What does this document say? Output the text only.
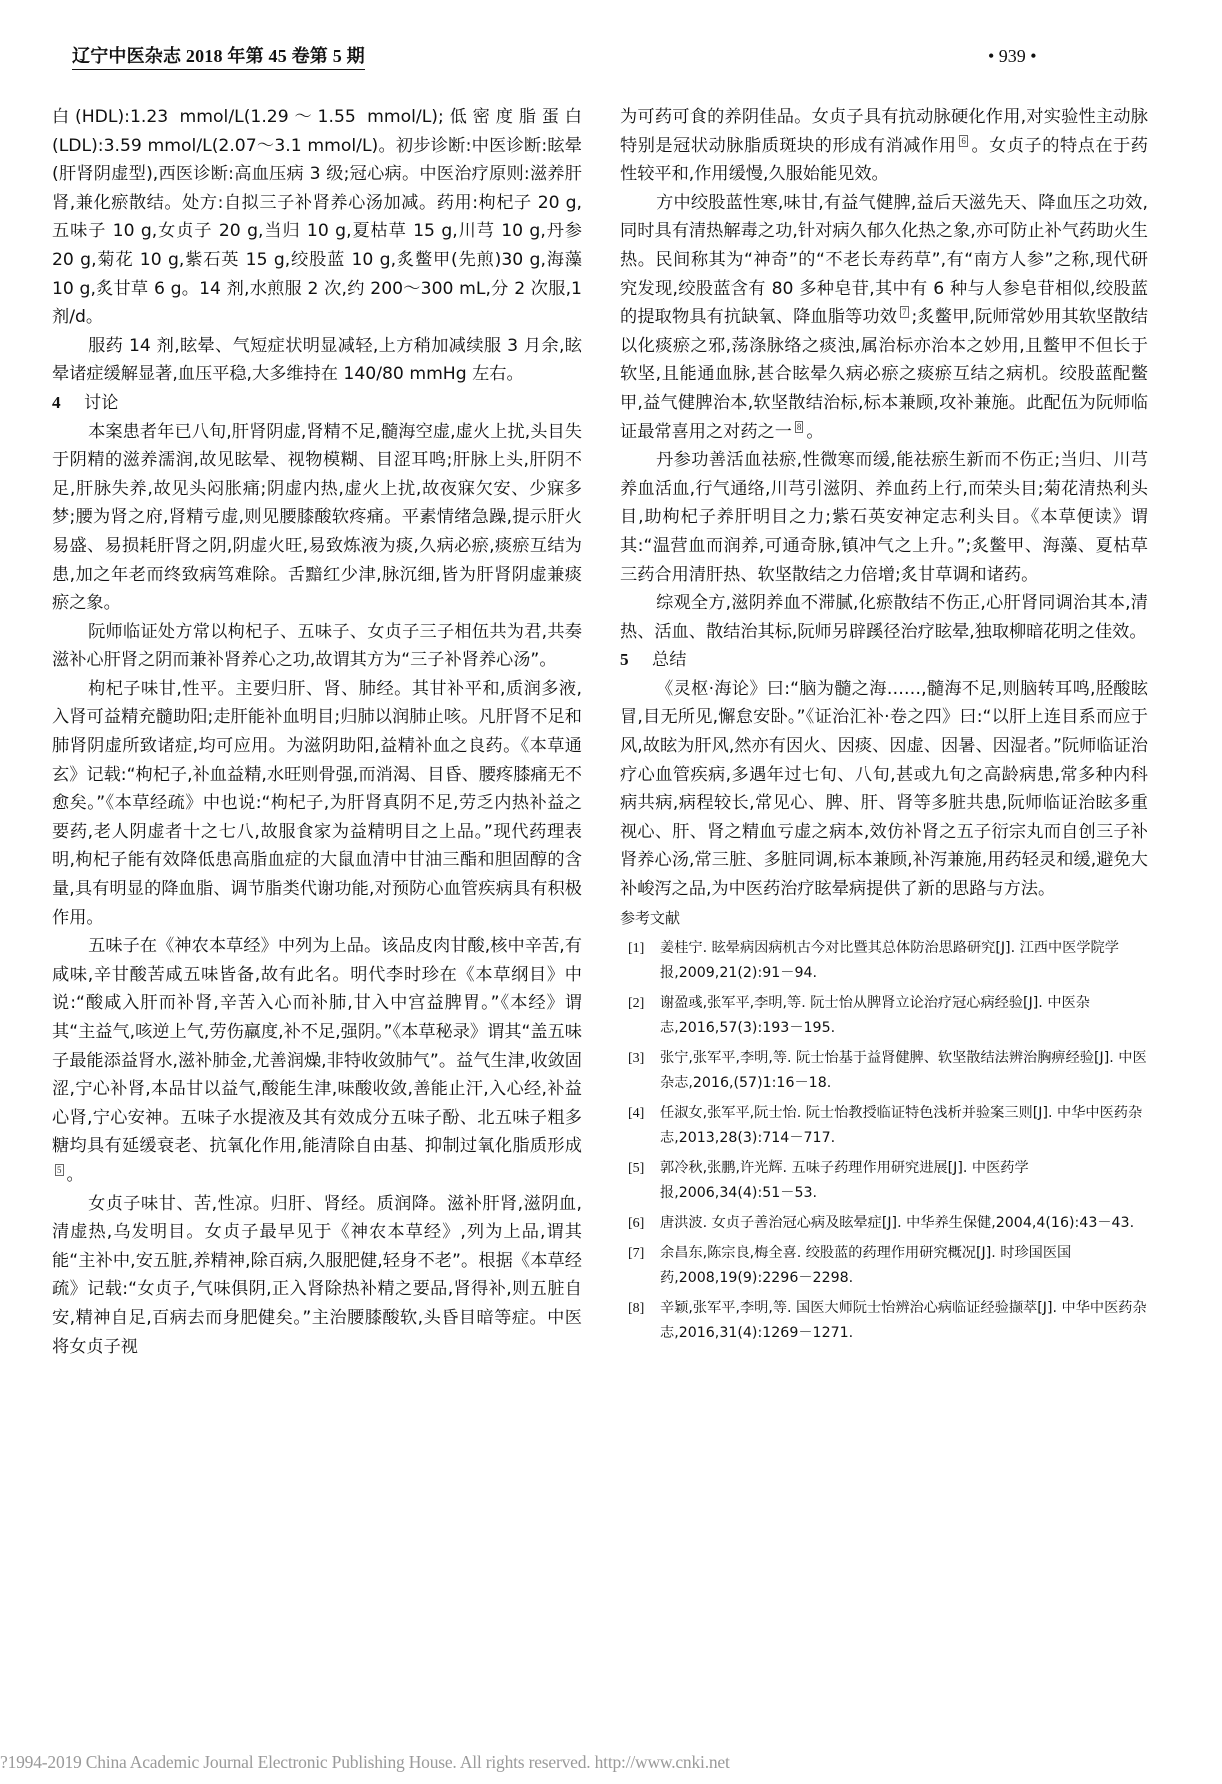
辽宁中医杂志 2018 年第 45 卷第 5 期	• 939 •

白(HDL):1.23 mmol/L(1.29～1.55 mmol/L);低密度脂蛋白(LDL):3.59 mmol/L(2.07～3.1 mmol/L)。初步诊断:中医诊断:眩晕(肝肾阴虚型),西医诊断:高血压病 3 级;冠心病。中医治疗原则:滋养肝肾,兼化瘀散结。处方:自拟三子补肾养心汤加减。药用:枸杞子 20 g,五味子 10 g,女贞子 20 g,当归 10 g,夏枯草 15 g,川芎 10 g,丹参 20 g,菊花 10 g,紫石英 15 g,绞股蓝 10 g,炙鳖甲(先煎)30 g,海藻 10 g,炙甘草 6 g。14 剂,水煎服 2 次,约 200～300 mL,分 2 次服,1 剂/d。

服药 14 剂,眩晕、气短症状明显减轻,上方稍加减续服 3 月余,眩晕诸症缓解显著,血压平稳,大多维持在 140/80 mmHg 左右。

4 讨论

本案患者年已八旬,肝肾阴虚,肾精不足,髓海空虚,虚火上扰,头目失于阴精的滋养濡润,故见眩晕、视物模糊、目涩耳鸣;肝脉上头,肝阴不足,肝脉失养,故见头闷胀痛;阴虚内热,虚火上扰,故夜寐欠安、少寐多梦;腰为肾之府,肾精亏虚,则见腰膝酸软疼痛。平素情绪急躁,提示肝火易盛、易损耗肝肾之阴,阴虚火旺,易致炼液为痰,久病必瘀,痰瘀互结为患,加之年老而终致病笃难除。舌黯红少津,脉沉细,皆为肝肾阴虚兼痰瘀之象。

阮师临证处方常以枸杞子、五味子、女贞子三子相伍共为君,共奏滋补心肝肾之阴而兼补肾养心之功,故谓其方为“三子补肾养心汤”。

枸杞子味甘,性平。主要归肝、肾、肺经。其甘补平和,质润多液,入肾可益精充髓助阳;走肝能补血明目;归肺以润肺止咳。凡肝肾不足和肺肾阴虚所致诸症,均可应用。为滋阴助阳,益精补血之良药。《本草通玄》记载:“枸杞子,补血益精,水旺则骨强,而消渴、目昏、腰疼膝痛无不愈矣。”《本草经疏》中也说:“枸杞子,为肝肾真阴不足,劳乏内热补益之要药,老人阴虚者十之七八,故服食家为益精明目之上品。”现代药理表明,枸杞子能有效降低患高脂血症的大鼠血清中甘油三酯和胆固醇的含量,具有明显的降血脂、调节脂类代谢功能,对预防心血管疾病具有积极作用。

五味子在《神农本草经》中列为上品。该品皮肉甘酸,核中辛苦,有咸味,辛甘酸苦咸五味皆备,故有此名。明代李时珍在《本草纲目》中说:“酸咸入肝而补肾,辛苦入心而补肺,甘入中宫益脾胃。”《本经》谓其“主益气,咳逆上气,劳伤羸度,补不足,强阴。”《本草秘录》谓其“盖五味子最能添益肾水,滋补肺金,尤善润燥,非特收敛肺气”。益气生津,收敛固涩,宁心补肾,本品甘以益气,酸能生津,味酸收敛,善能止汗,入心经,补益心肾,宁心安神。五味子水提液及其有效成分五味子酚、北五味子粗多糖均具有延缓衰老、抗氧化作用,能清除自由基、抑制过氧化脂质形成$^5$ 。

女贞子味甘、苦,性凉。归肝、肾经。质润降。滋补肝肾,滋阴血,清虚热,乌发明目。女贞子最早见于《神农本草经》,列为上品,谓其能“主补中,安五脏,养精神,除百病,久服肥健,轻身不老”。根据《本草经疏》记载:“女贞子,气味俱阴,正入肾除热补精之要品,肾得补,则五脏自安,精神自足,百病去而身肥健矣。”主治腰膝酸软,头昏目暗等症。中医将女贞子视

为可药可食的养阴佳品。女贞子具有抗动脉硬化作用,对实验性主动脉特别是冠状动脉脂质斑块的形成有消减作用 $^6$ 。女贞子的特点在于药性较平和,作用缓慢,久服始能见效。

方中绞股蓝性寒,味甘,有益气健脾,益后天滋先天、降血压之功效,同时具有清热解毒之功,针对病久郁久化热之象,亦可防止补气药助火生热。民间称其为“神奇”的“不老长寿药草”,有“南方人参”之称,现代研究发现,绞股蓝含有 80 多种皂苷,其中有 6 种与人参皂苷相似,绞股蓝的提取物具有抗缺氧、降血脂等功效 $^7$ ;炙鳖甲,阮师常妙用其软坚散结以化痰瘀之邪,荡涤脉络之痰浊,属治标亦治本之妙用,且鳖甲不但长于软坚,且能通血脉,甚合眩晕久病必瘀之痰瘀互结之病机。绞股蓝配鳖甲,益气健脾治本,软坚散结治标,标本兼顾,攻补兼施。此配伍为阮师临证最常喜用之对药之一 $^8$ 。

丹参功善活血祛瘀,性微寒而缓,能祛瘀生新而不伤正;当归、川芎养血活血,行气通络,川芎引滋阴、养血药上行,而荣头目;菊花清热利头目,助枸杞子养肝明目之力;紫石英安神定志利头目。《本草便读》谓其:“温营血而润养,可通奇脉,镇冲气之上升。”;炙鳖甲、海藻、夏枯草三药合用清肝热、软坚散结之力倍增;炙甘草调和诸药。

综观全方,滋阴养血不滞腻,化瘀散结不伤正,心肝肾同调治其本,清热、活血、散结治其标,阮师另辟蹊径治疗眩晕,独取柳暗花明之佳效。

5 总结

《灵枢·海论》曰:“脑为髓之海……,髓海不足,则脑转耳鸣,胫酸眩冒,目无所见,懈怠安卧。”《证治汇补·卷之四》曰:“以肝上连目系而应于风,故眩为肝风,然亦有因火、因痰、因虚、因暑、因湿者。”阮师临证治疗心血管疾病,多遇年过七旬、八旬,甚或九旬之高龄病患,常多种内科病共病,病程较长,常见心、脾、肝、肾等多脏共患,阮师临证治眩多重视心、肝、肾之精血亏虚之病本,效仿补肾之五子衍宗丸而自创三子补肾养心汤,常三脏、多脏同调,标本兼顾,补泻兼施,用药轻灵和缓,避免大补峻泻之品,为中医药治疗眩晕病提供了新的思路与方法。

参考文献
[1] 姜桂宁. 眩晕病因病机古今对比暨其总体防治思路研究[J]. 江西中医学院学报,2009,21(2):91－94.
[2] 谢盈彧,张军平,李明,等. 阮士怡从脾肾立论治疗冠心病经验[J]. 中医杂志,2016,57(3):193－195.
[3] 张宁,张军平,李明,等. 阮士怡基于益肾健脾、软坚散结法辨治胸痹经验[J]. 中医杂志,2016,(57)1:16－18.
[4] 任淑女,张军平,阮士怡. 阮士怡教授临证特色浅析并验案三则[J]. 中华中医药杂志,2013,28(3):714－717.
[5] 郭冷秋,张鹏,许光辉. 五味子药理作用研究进展[J]. 中医药学报,2006,34(4):51－53.
[6] 唐洪波. 女贞子善治冠心病及眩晕症[J]. 中华养生保健,2004,4(16):43－43.
[7] 余昌东,陈宗良,梅全喜. 绞股蓝的药理作用研究概况[J]. 时珍国医国药,2008,19(9):2296－2298.
[8] 辛颖,张军平,李明,等. 国医大师阮士怡辨治心病临证经验撷萃[J]. 中华中医药杂志,2016,31(4):1269－1271.
?1994-2019 China Academic Journal Electronic Publishing House. All rights reserved. http://www.cnki.net
